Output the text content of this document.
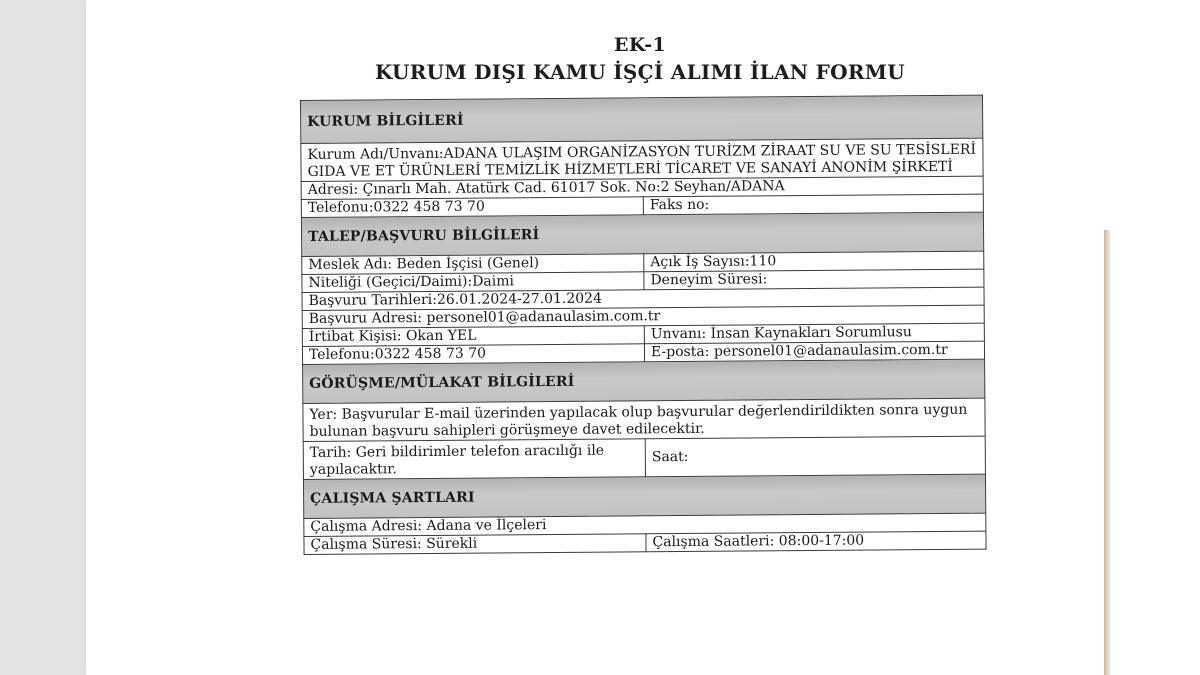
EK-1
KURUM DIŞI KAMU İŞÇİ ALIMI İLAN FORMU
KURUM BİLGİLERİ	
Kurum Adı/Unvanı:ADANA ULAŞIM ORGANİZASYON TURİZM ZİRAAT SU VE SU TESİSLERİ GIDA VE ET ÜRÜNLERİ TEMİZLİK HİZMETLERİ TİCARET VE SANAYİ ANONİM ŞİRKETİ	
Adresi: Çınarlı Mah. Atatürk Cad. 61017 Sok. No:2 Seyhan/ADANA	
Telefonu:0322 458 73 70	Faks no:
TALEP/BAŞVURU BİLGİLERİ	
Meslek Adı: Beden İşçisi (Genel)	Açık İş Sayısı:110
Niteliği (Geçici/Daimi):Daimi	Deneyim Süresi:
Başvuru Tarihleri:26.01.2024-27.01.2024	
Başvuru Adresi: personel01@adanaulasim.com.tr	
İrtibat Kişisi: Okan YEL	Unvanı: İnsan Kaynakları Sorumlusu
Telefonu:0322 458 73 70	E-posta: personel01@adanaulasim.com.tr
GÖRÜŞME/MÜLAKAT BİLGİLERİ	
Yer: Başvurular E-mail üzerinden yapılacak olup başvurular değerlendirildikten sonra uygun bulunan başvuru sahipleri görüşmeye davet edilecektir.	
Tarih: Geri bildirimler telefon aracılığı ile yapılacaktır.	Saat:
ÇALIŞMA ŞARTLARI	
Çalışma Adresi: Adana ve İlçeleri	
Çalışma Süresi: Sürekli	Çalışma Saatleri: 08:00-17:00
